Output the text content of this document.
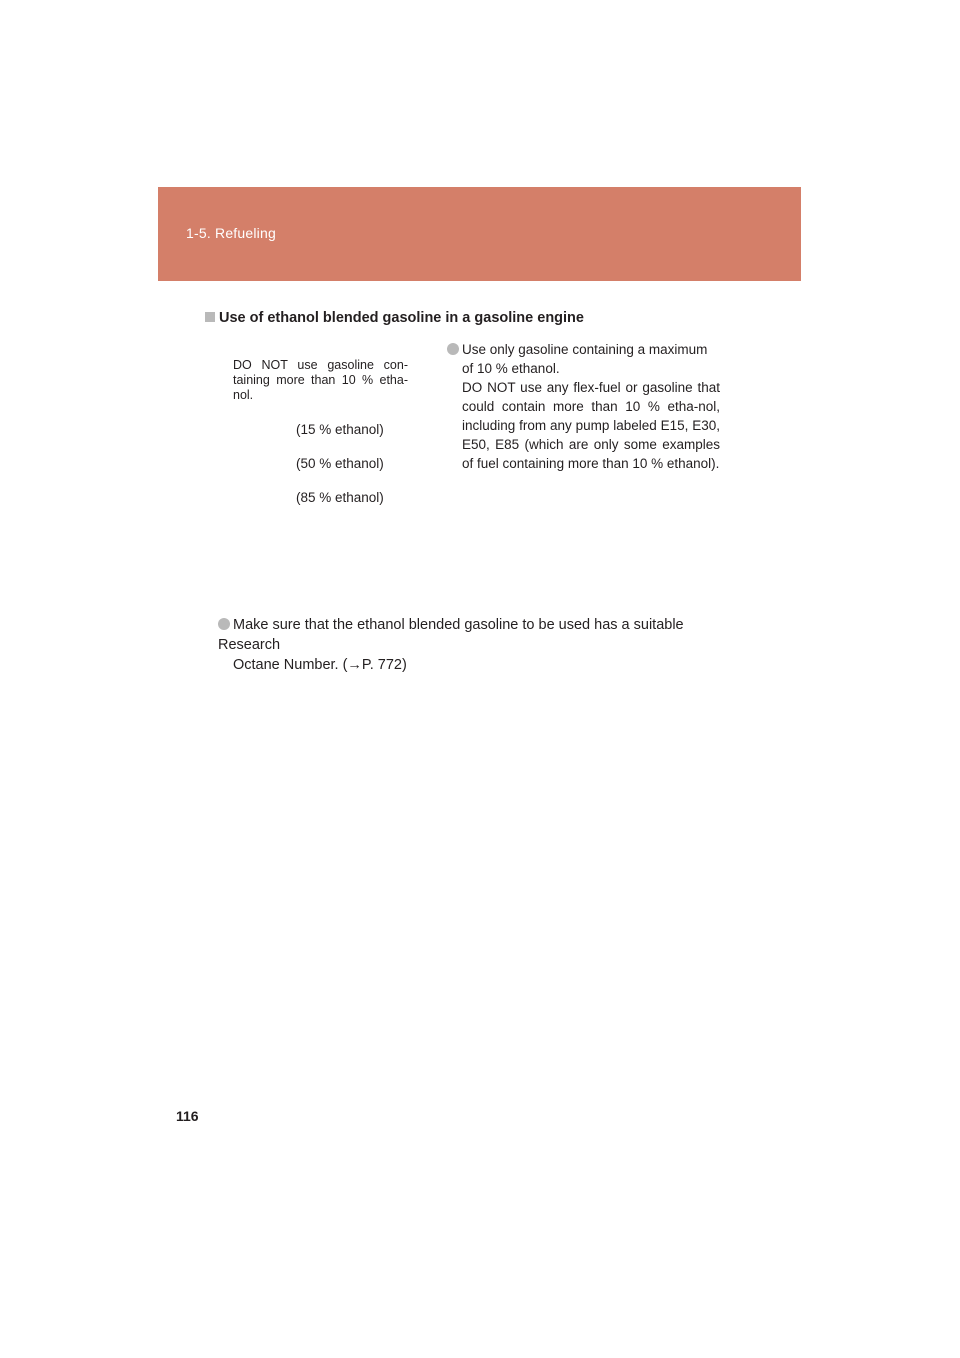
1-5. Refueling
Use of ethanol blended gasoline in a gasoline engine
DO NOT use gasoline con-taining more than 10 % etha-nol.
(15 % ethanol)
(50 % ethanol)
(85 % ethanol)
Use only gasoline containing a maximum
of 10 % ethanol.
DO NOT use any flex-fuel or gasoline that could contain more than 10 % etha-nol, including from any pump labeled E15, E30, E50, E85 (which are only some examples of fuel containing more than 10 % ethanol).
Make sure that the ethanol blended gasoline to be used has a suitable Research
Octane Number. (→P. 772)
116
